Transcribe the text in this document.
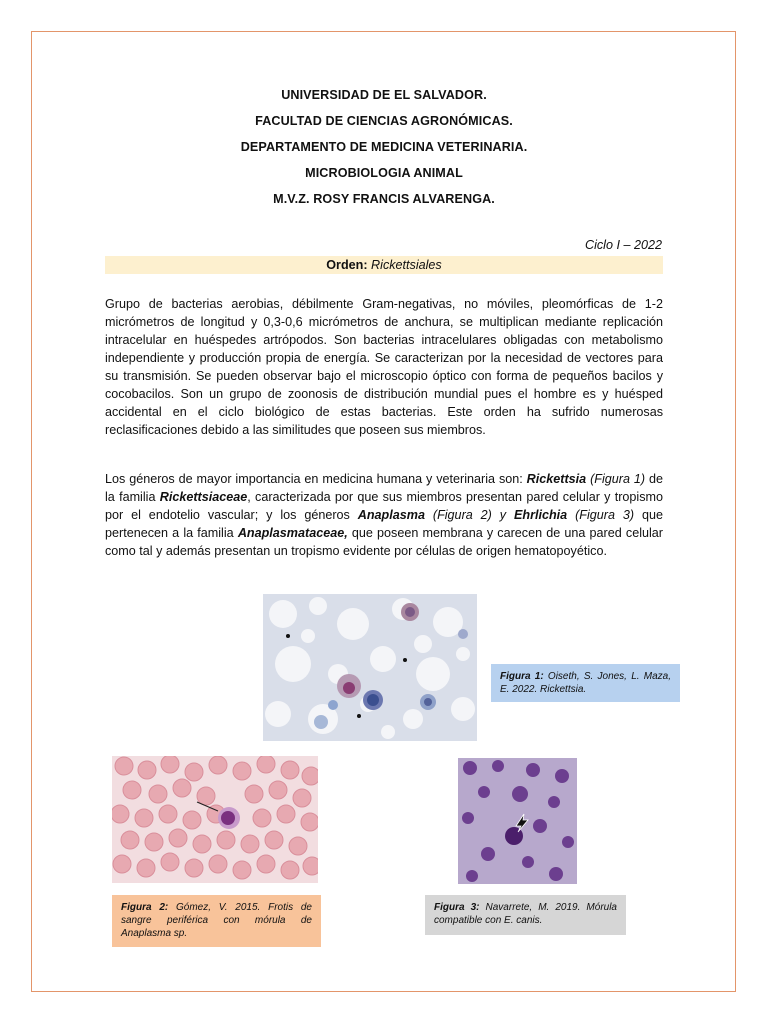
UNIVERSIDAD DE EL SALVADOR.
FACULTAD DE CIENCIAS AGRONÓMICAS.
DEPARTAMENTO DE MEDICINA VETERINARIA.
MICROBIOLOGIA ANIMAL
M.V.Z. ROSY FRANCIS ALVARENGA.
Ciclo I – 2022
Orden: Rickettsiales
Grupo de bacterias aerobias, débilmente Gram-negativas, no móviles, pleomórficas de 1-2 micrómetros de longitud y 0,3-0,6 micrómetros de anchura, se multiplican mediante replicación intracelular en huéspedes artrópodos. Son bacterias intracelulares obligadas con metabolismo independiente y producción propia de energía. Se caracterizan por la necesidad de vectores para su transmisión. Se pueden observar bajo el microscopio óptico con forma de pequeños bacilos y cocobacilos. Son un grupo de zoonosis de distribución mundial pues el hombre es y huésped accidental en el ciclo biológico de estas bacterias. Este orden ha sufrido numerosas reclasificaciones debido a las similitudes que poseen sus miembros.
Los géneros de mayor importancia en medicina humana y veterinaria son: Rickettsia (Figura 1) de la familia Rickettsiaceae, caracterizada por que sus miembros presentan pared celular y tropismo por el endotelio vascular; y los géneros Anaplasma (Figura 2) y Ehrlichia (Figura 3) que pertenecen a la familia Anaplasmataceae, que poseen membrana y carecen de una pared celular como tal y además presentan un tropismo evidente por células de origen hematopoyético.
Figura 1: Oiseth, S. Jones, L. Maza, E. 2022. Rickettsia.
Figura 2: Gómez, V. 2015. Frotis de sangre periférica con mórula de Anaplasma sp.
Figura 3: Navarrete, M. 2019. Mórula compatible con E. canis.
